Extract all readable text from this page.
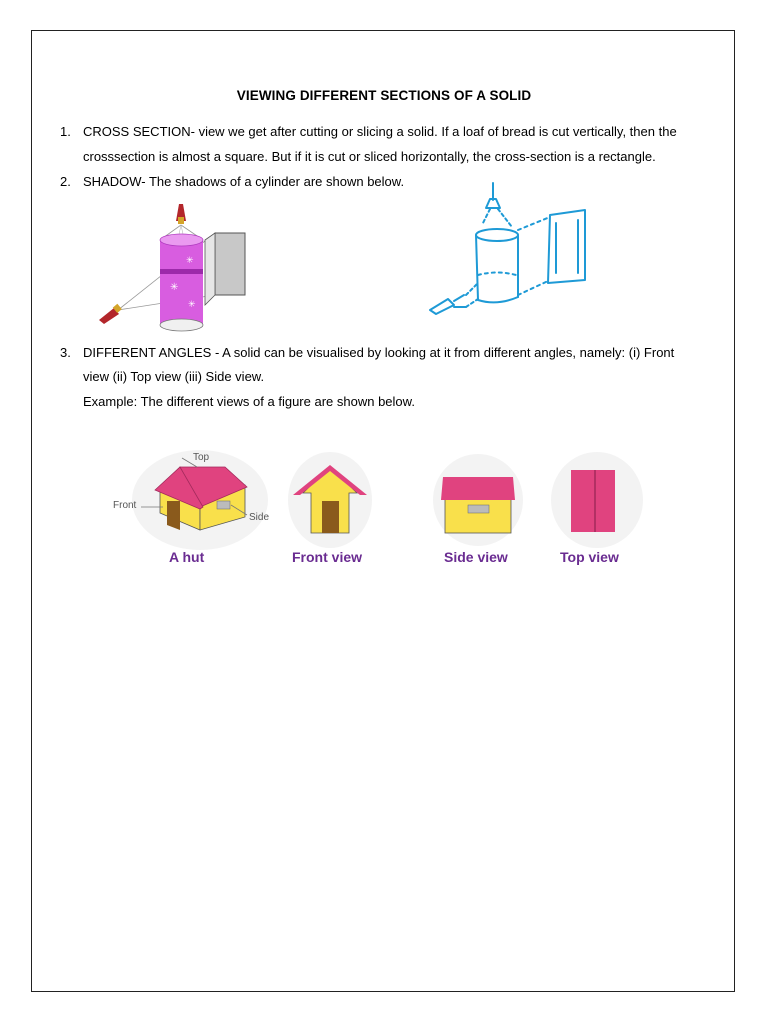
VIEWING DIFFERENT SECTIONS OF A SOLID
1. CROSS SECTION- view we get after cutting or slicing a solid. If a loaf of bread is cut vertically, then the
crosssection is almost a square. But if it is cut or sliced horizontally, the cross-section is a rectangle.
2. SHADOW- The shadows of a cylinder are shown below.
✳
✳
✳
3. DIFFERENT ANGLES - A solid can be visualised by looking at it from different angles, namely: (i) Front
view (ii) Top view (iii) Side view.
Example: The different views of a figure are shown below.
Top
Front
Side
A hut	Front view	Side view	Top view
